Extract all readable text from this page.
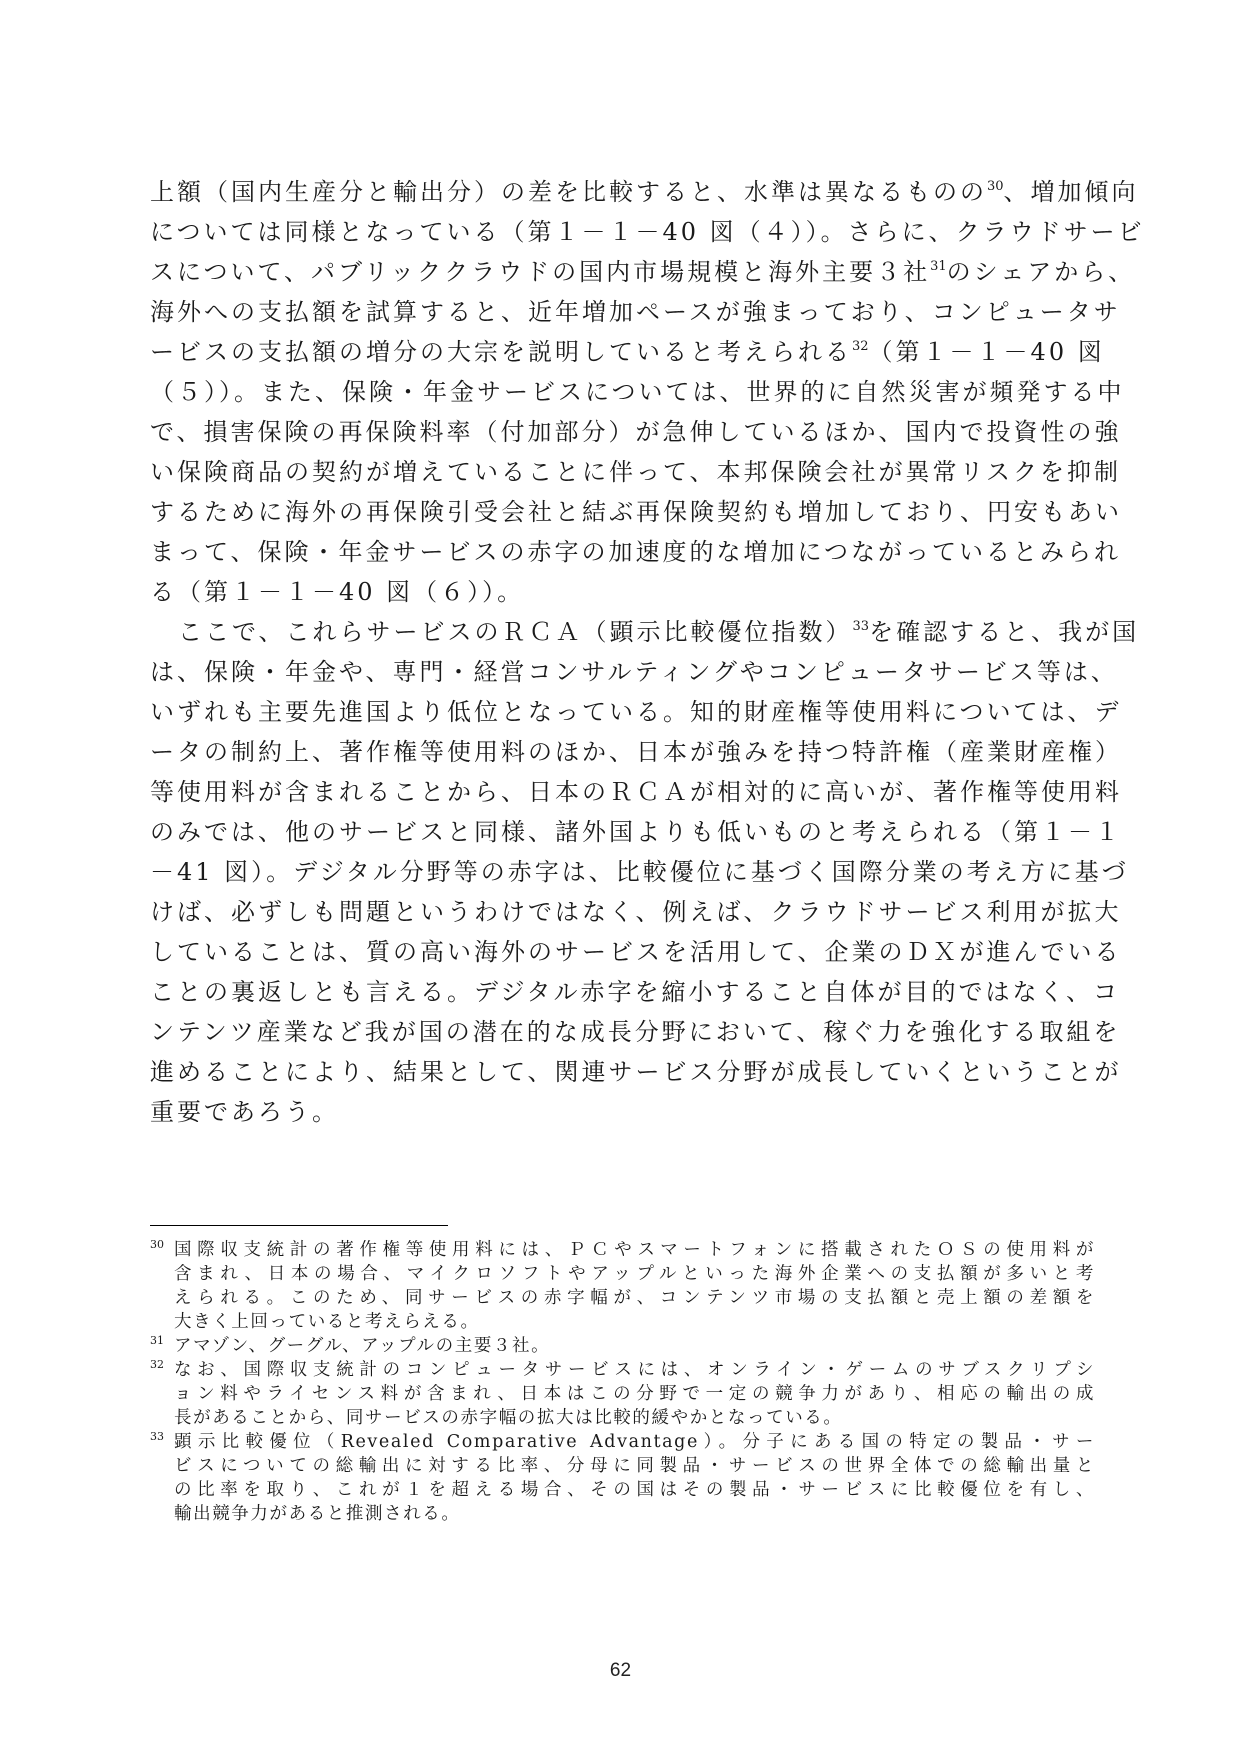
上額（国内生産分と輸出分）の差を比較すると、水準は異なるものの$^{30}$、増加傾向
については同様となっている（第１－１－40 図（４））。さらに、クラウドサービ
スについて、パブリッククラウドの国内市場規模と海外主要３社$^{31}$のシェアから、
海外への支払額を試算すると、近年増加ペースが強まっており、コンピュータサ
ービスの支払額の増分の大宗を説明していると考えられる$^{32}$（第１－１－40 図
（５））。また、保険・年金サービスについては、世界的に自然災害が頻発する中
で、損害保険の再保険料率（付加部分）が急伸しているほか、国内で投資性の強
い保険商品の契約が増えていることに伴って、本邦保険会社が異常リスクを抑制
するために海外の再保険引受会社と結ぶ再保険契約も増加しており、円安もあい
まって、保険・年金サービスの赤字の加速度的な増加につながっているとみられ
る（第１－１－40 図（６））。
ここで、これらサービスのＲＣＡ（顕示比較優位指数）$^{33}$を確認すると、我が国
は、保険・年金や、専門・経営コンサルティングやコンピュータサービス等は、
いずれも主要先進国より低位となっている。知的財産権等使用料については、デ
ータの制約上、著作権等使用料のほか、日本が強みを持つ特許権（産業財産権）
等使用料が含まれることから、日本のＲＣＡが相対的に高いが、著作権等使用料
のみでは、他のサービスと同様、諸外国よりも低いものと考えられる（第１－１
－41 図）。デジタル分野等の赤字は、比較優位に基づく国際分業の考え方に基づ
けば、必ずしも問題というわけではなく、例えば、クラウドサービス利用が拡大
していることは、質の高い海外のサービスを活用して、企業のＤＸが進んでいる
ことの裏返しとも言える。デジタル赤字を縮小すること自体が目的ではなく、コ
ンテンツ産業など我が国の潜在的な成長分野において、稼ぐ力を強化する取組を
進めることにより、結果として、関連サービス分野が成長していくということが
重要であろう。
30 国際収支統計の著作権等使用料には、ＰＣやスマートフォンに搭載されたＯＳの使用料が
含まれ、日本の場合、マイクロソフトやアップルといった海外企業への支払額が多いと考
えられる。このため、同サービスの赤字幅が、コンテンツ市場の支払額と売上額の差額を
大きく上回っていると考えらえる。
31 アマゾン、グーグル、アップルの主要３社。
32 なお、国際収支統計のコンピュータサービスには、オンライン・ゲームのサブスクリプシ
ョン料やライセンス料が含まれ、日本はこの分野で一定の競争力があり、相応の輸出の成
長があることから、同サービスの赤字幅の拡大は比較的緩やかとなっている。
33 顕示比較優位（Revealed Comparative Advantage）。分子にある国の特定の製品・サー
ビスについての総輸出に対する比率、分母に同製品・サービスの世界全体での総輸出量と
の比率を取り、これが１を超える場合、その国はその製品・サービスに比較優位を有し、
輸出競争力があると推測される。
62
